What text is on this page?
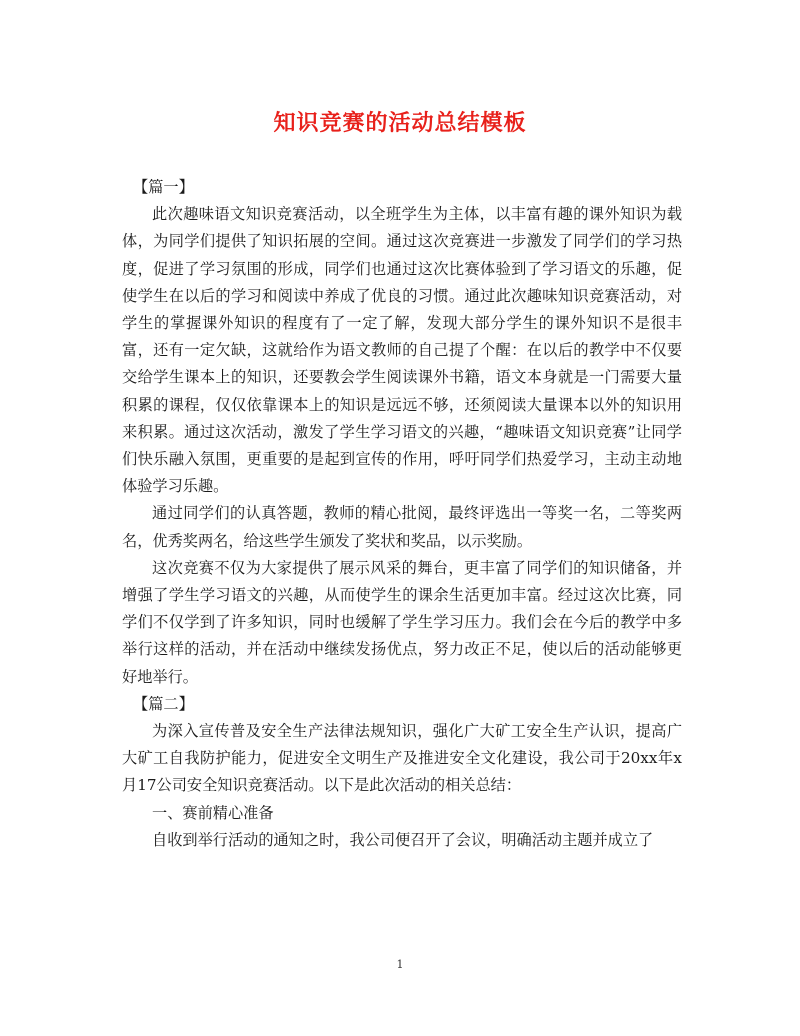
知识竞赛的活动总结模板

【篇一】

此次趣味语文知识竞赛活动，以全班学生为主体，以丰富有趣的课外知识为载体，为同学们提供了知识拓展的空间。通过这次竞赛进一步激发了同学们的学习热度，促进了学习氛围的形成，同学们也通过这次比赛体验到了学习语文的乐趣，促使学生在以后的学习和阅读中养成了优良的习惯。通过此次趣味知识竞赛活动，对学生的掌握课外知识的程度有了一定了解，发现大部分学生的课外知识不是很丰富，还有一定欠缺，这就给作为语文教师的自己提了个醒：在以后的教学中不仅要交给学生课本上的知识，还要教会学生阅读课外书籍，语文本身就是一门需要大量积累的课程，仅仅依靠课本上的知识是远远不够，还须阅读大量课本以外的知识用来积累。通过这次活动，激发了学生学习语文的兴趣，“趣味语文知识竞赛”让同学们快乐融入氛围，更重要的是起到宣传的作用，呼吁同学们热爱学习，主动主动地体验学习乐趣。

通过同学们的认真答题，教师的精心批阅，最终评选出一等奖一名，二等奖两名，优秀奖两名，给这些学生颁发了奖状和奖品，以示奖励。

这次竞赛不仅为大家提供了展示风采的舞台，更丰富了同学们的知识储备，并增强了学生学习语文的兴趣，从而使学生的课余生活更加丰富。经过这次比赛，同学们不仅学到了许多知识，同时也缓解了学生学习压力。我们会在今后的教学中多举行这样的活动，并在活动中继续发扬优点，努力改正不足，使以后的活动能够更好地举行。

【篇二】

为深入宣传普及安全生产法律法规知识，强化广大矿工安全生产认识，提高广大矿工自我防护能力，促进安全文明生产及推进安全文化建设，我公司于20xx年x月17公司安全知识竞赛活动。以下是此次活动的相关总结：

一、赛前精心准备

自收到举行活动的通知之时，我公司便召开了会议，明确活动主题并成立了

1
